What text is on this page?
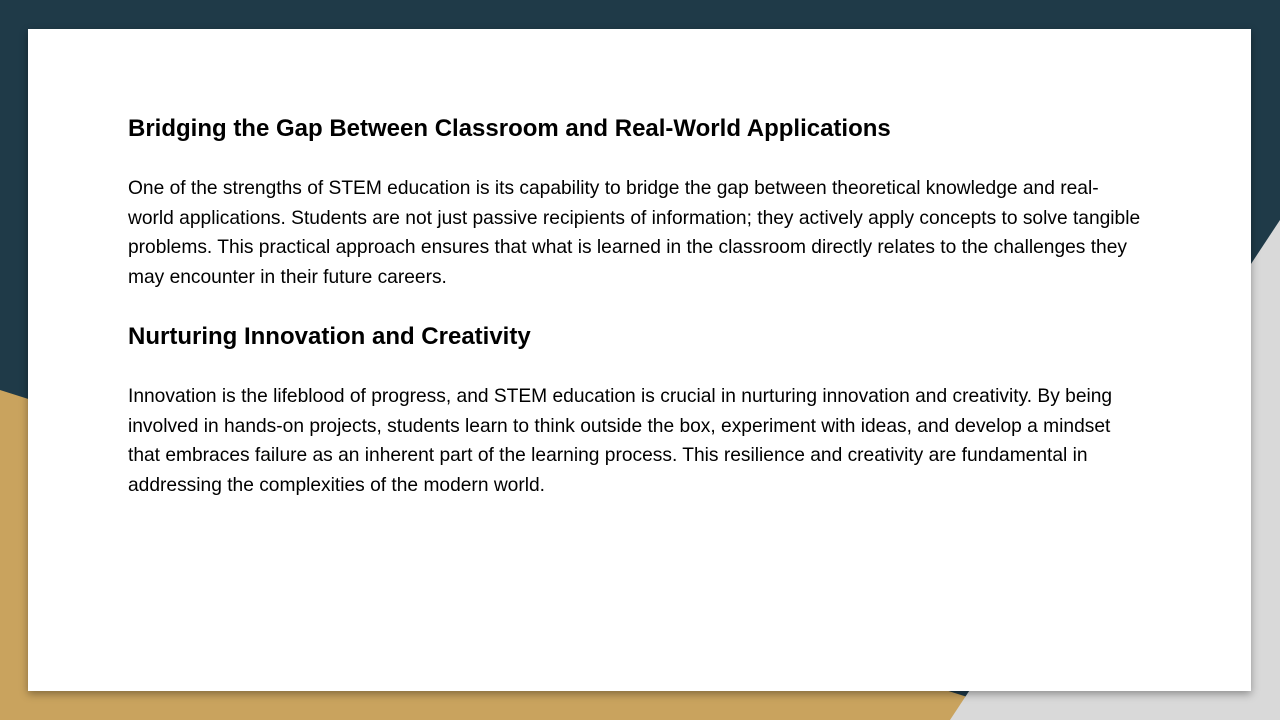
Bridging the Gap Between Classroom and Real-World Applications

One of the strengths of STEM education is its capability to bridge the gap between theoretical knowledge and real-world applications. Students are not just passive recipients of information; they actively apply concepts to solve tangible problems. This practical approach ensures that what is learned in the classroom directly relates to the challenges they may encounter in their future careers.

Nurturing Innovation and Creativity

Innovation is the lifeblood of progress, and STEM education is crucial in nurturing innovation and creativity. By being involved in hands-on projects, students learn to think outside the box, experiment with ideas, and develop a mindset that embraces failure as an inherent part of the learning process. This resilience and creativity are fundamental in addressing the complexities of the modern world.
